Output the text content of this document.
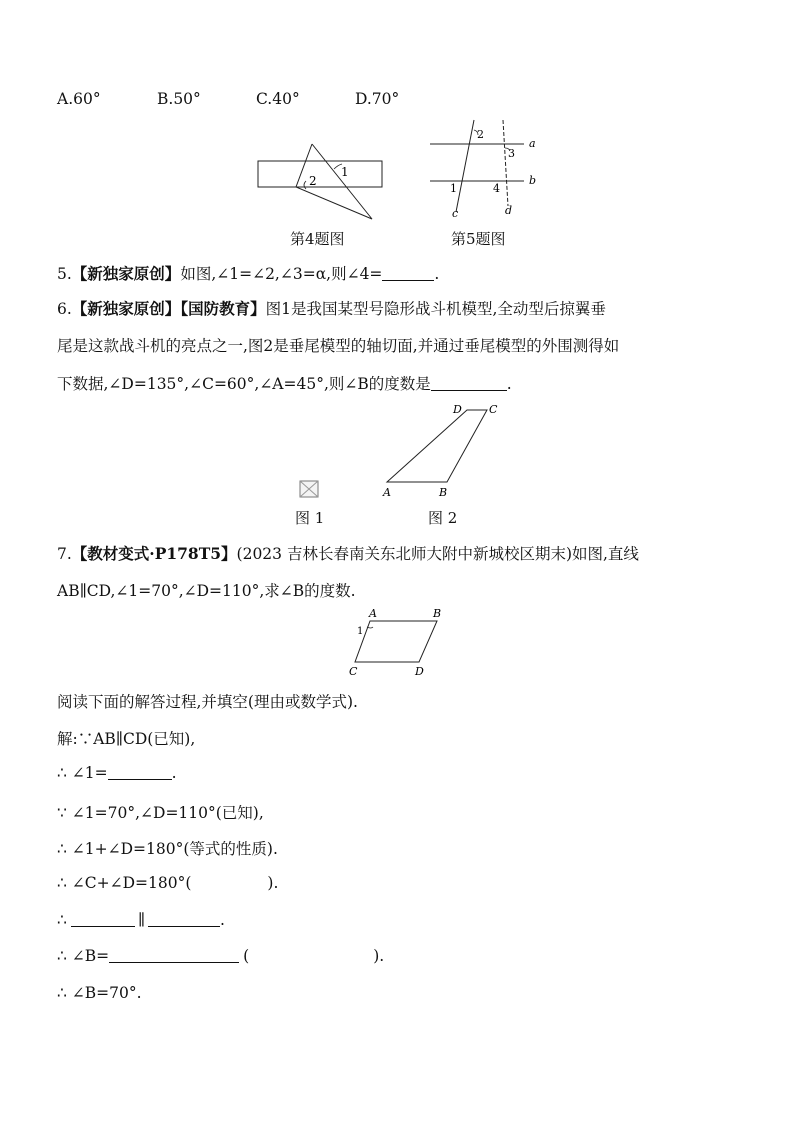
A.60°	B.50°	C.40°	D.70°
1
2
第4题图
a
b
c	d
2
3
1	4
第5题图
5.【新独家原创】如图,∠1=∠2,∠3=α,则∠4=	.
6.【新独家原创】【国防教育】图1是我国某型号隐形战斗机模型,全动型后掠翼垂
尾是这款战斗机的亮点之一,图2是垂尾模型的轴切面,并通过垂尾模型的外围测得如
下数据,∠D=135°,∠C=60°,∠A=45°,则∠B的度数是	.
图 1
D C
A	B
图 2
7.【教材变式·P178T5】(2023 吉林长春南关东北师大附中新城校区期末)如图,直线
AB∥CD,∠1=70°,∠D=110°,求∠B的度数.
A	B
C	D
1
阅读下面的解答过程,并填空(理由或数学式).
解:∵AB∥CD(已知),
∴ ∠1=	.
∵ ∠1=70°,∠D=110°(已知),
∴ ∠1+∠D=180°(等式的性质).
∴ ∠C+∠D=180°(	).
∴	∥	.
∴ ∠B=	(	).
∴ ∠B=70°.
